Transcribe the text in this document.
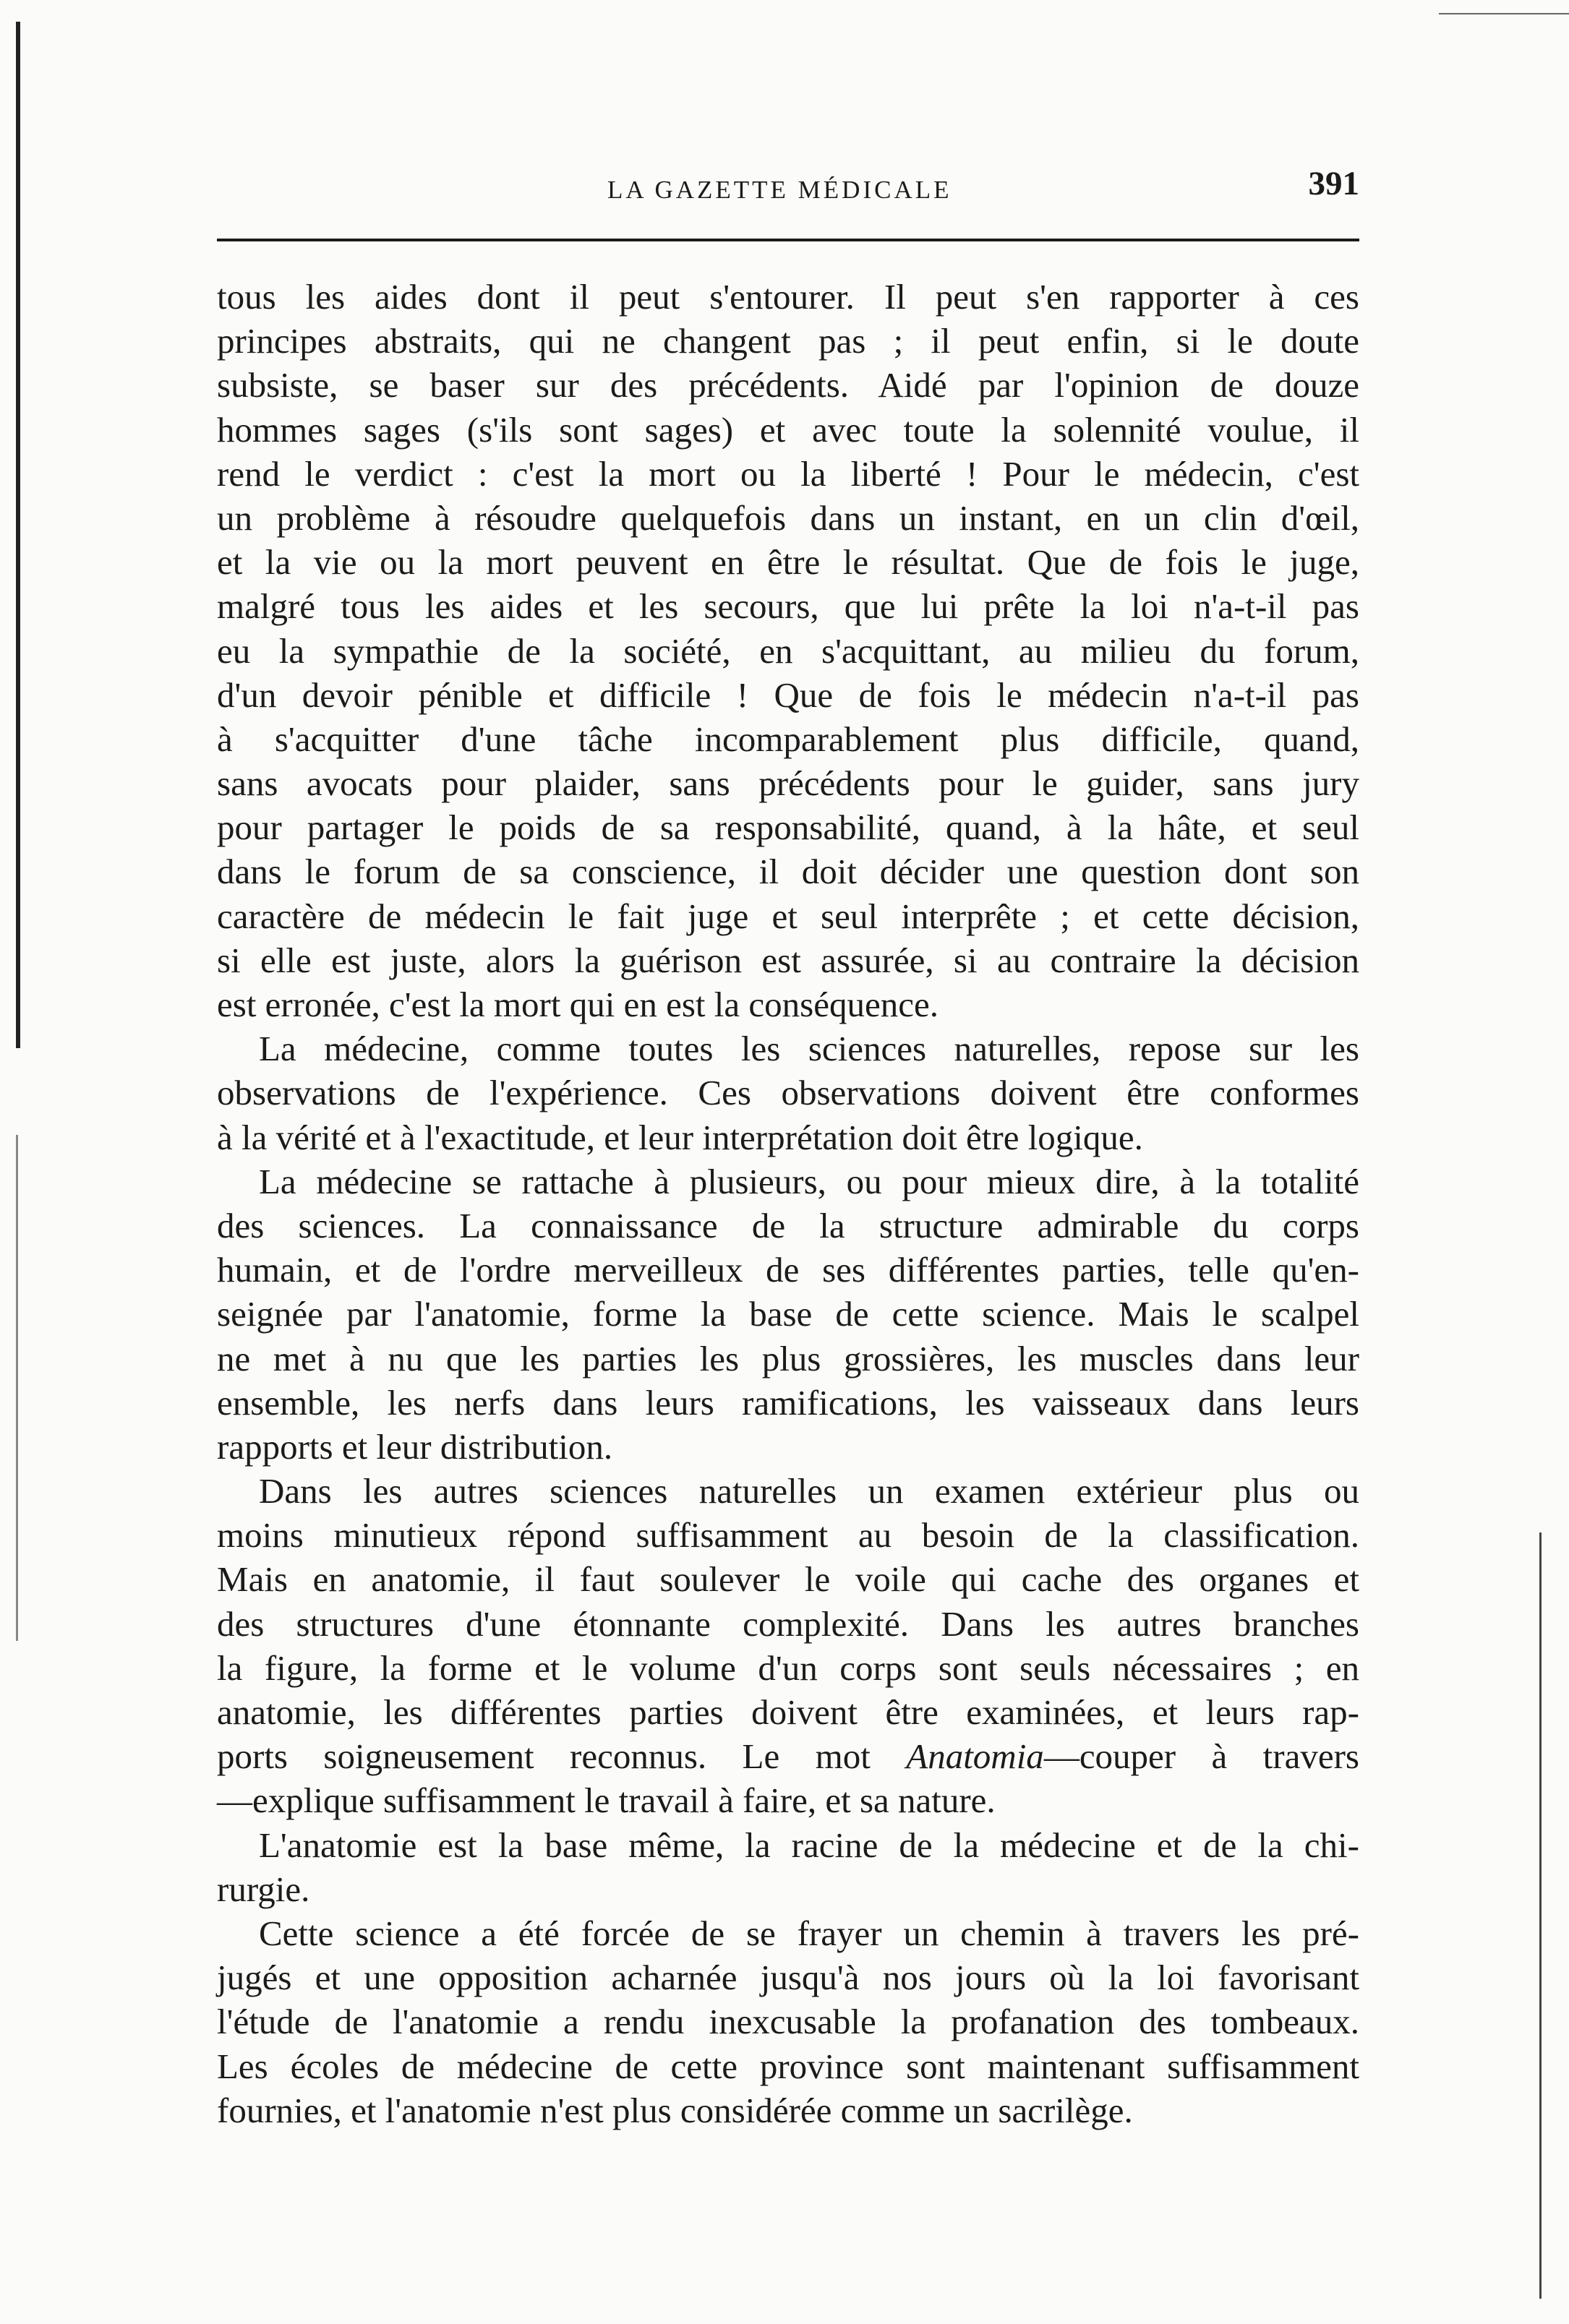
LA GAZETTE MÉDICALE	391
tous les aides dont il peut s'entourer. Il peut s'en rapporter à ces
principes abstraits, qui ne changent pas ; il peut enfin, si le doute
subsiste, se baser sur des précédents. Aidé par l'opinion de douze
hommes sages (s'ils sont sages) et avec toute la solennité voulue, il
rend le verdict : c'est la mort ou la liberté ! Pour le médecin, c'est
un problème à résoudre quelquefois dans un instant, en un clin d'œil,
et la vie ou la mort peuvent en être le résultat. Que de fois le juge,
malgré tous les aides et les secours, que lui prête la loi n'a-t-il pas
eu la sympathie de la société, en s'acquittant, au milieu du forum,
d'un devoir pénible et difficile ! Que de fois le médecin n'a-t-il pas
à s'acquitter d'une tâche incomparablement plus difficile, quand,
sans avocats pour plaider, sans précédents pour le guider, sans jury
pour partager le poids de sa responsabilité, quand, à la hâte, et seul
dans le forum de sa conscience, il doit décider une question dont son
caractère de médecin le fait juge et seul interprête ; et cette décision,
si elle est juste, alors la guérison est assurée, si au contraire la décision
est erronée, c'est la mort qui en est la conséquence.
La médecine, comme toutes les sciences naturelles, repose sur les
observations de l'expérience. Ces observations doivent être conformes
à la vérité et à l'exactitude, et leur interprétation doit être logique.
La médecine se rattache à plusieurs, ou pour mieux dire, à la totalité
des sciences. La connaissance de la structure admirable du corps
humain, et de l'ordre merveilleux de ses différentes parties, telle qu'en-
seignée par l'anatomie, forme la base de cette science. Mais le scalpel
ne met à nu que les parties les plus grossières, les muscles dans leur
ensemble, les nerfs dans leurs ramifications, les vaisseaux dans leurs
rapports et leur distribution.
Dans les autres sciences naturelles un examen extérieur plus ou
moins minutieux répond suffisamment au besoin de la classification.
Mais en anatomie, il faut soulever le voile qui cache des organes et
des structures d'une étonnante complexité. Dans les autres branches
la figure, la forme et le volume d'un corps sont seuls nécessaires ; en
anatomie, les différentes parties doivent être examinées, et leurs rap-
ports soigneusement reconnus. Le mot Anatomia—couper à travers
—explique suffisamment le travail à faire, et sa nature.
L'anatomie est la base même, la racine de la médecine et de la chi-
rurgie.
Cette science a été forcée de se frayer un chemin à travers les pré-
jugés et une opposition acharnée jusqu'à nos jours où la loi favorisant
l'étude de l'anatomie a rendu inexcusable la profanation des tombeaux.
Les écoles de médecine de cette province sont maintenant suffisamment
fournies, et l'anatomie n'est plus considérée comme un sacrilège.
